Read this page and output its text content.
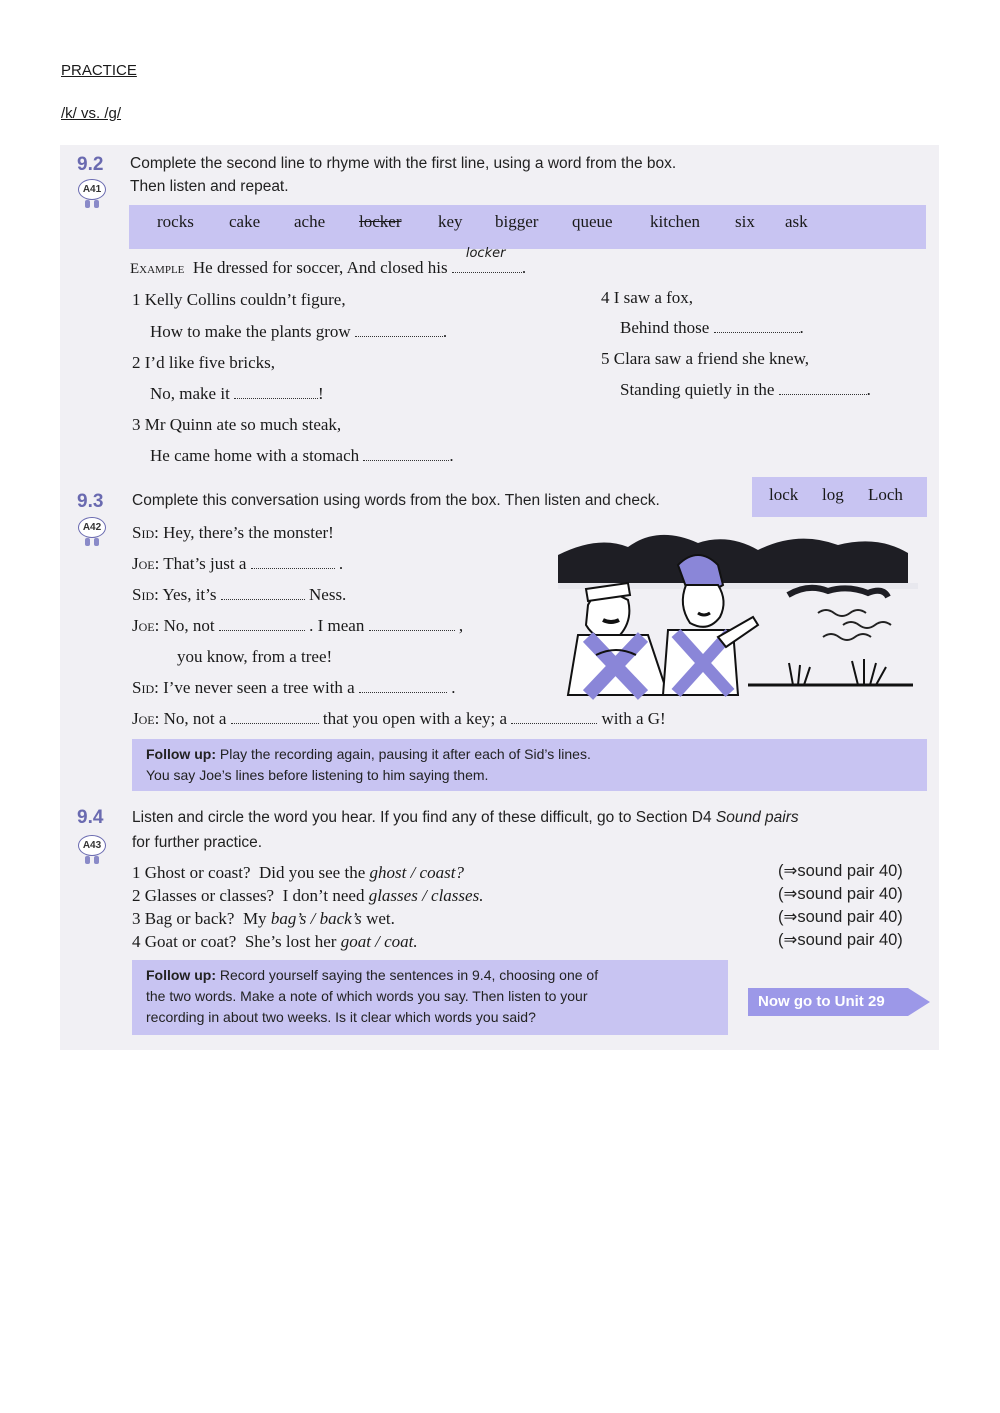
PRACTICE
/k/ vs. /g/
9.2
A41
Complete the second line to rhyme with the first line, using a word from the box.
Then listen and repeat.
rocks cake ache locker key bigger queue kitchen six ask
Example He dressed for soccer, And closed his
locker
.
1 Kelly Collins couldn’t figure,
How to make the plants grow	.
2 I’d like five bricks,
No, make it	!
3 Mr Quinn ate so much steak,
He came home with a stomach	.
4 I saw a fox,
Behind those	.
5 Clara saw a friend she knew,
Standing quietly in the	.
9.3
A42
Complete this conversation using words from the box. Then listen and check.	lock log Loch
Sid: Hey, there’s the monster!
Joe: That’s just a	.
Sid: Yes, it’s	Ness.
Joe: No, not	. I mean	,
you know, from a tree!
Sid: I’ve never seen a tree with a	.
Joe: No, not a	that you open with a key; a	with a G!
Follow up: Play the recording again, pausing it after each of Sid’s lines.
You say Joe’s lines before listening to him saying them.
9.4
A43
Listen and circle the word you hear. If you find any of these difficult, go to Section D4 Sound pairs
for further practice.
1 Ghost or coast? Did you see the ghost / coast?	(⇒sound pair 40)
2 Glasses or classes? I don’t need glasses / classes.	(⇒sound pair 40)
3 Bag or back? My bag’s / back’s wet.	(⇒sound pair 40)
4 Goat or coat? She’s lost her goat / coat.	(⇒sound pair 40)
Follow up: Record yourself saying the sentences in 9.4, choosing one of
the two words. Make a note of which words you say. Then listen to your
recording in about two weeks. Is it clear which words you said?
Now go to Unit 29
